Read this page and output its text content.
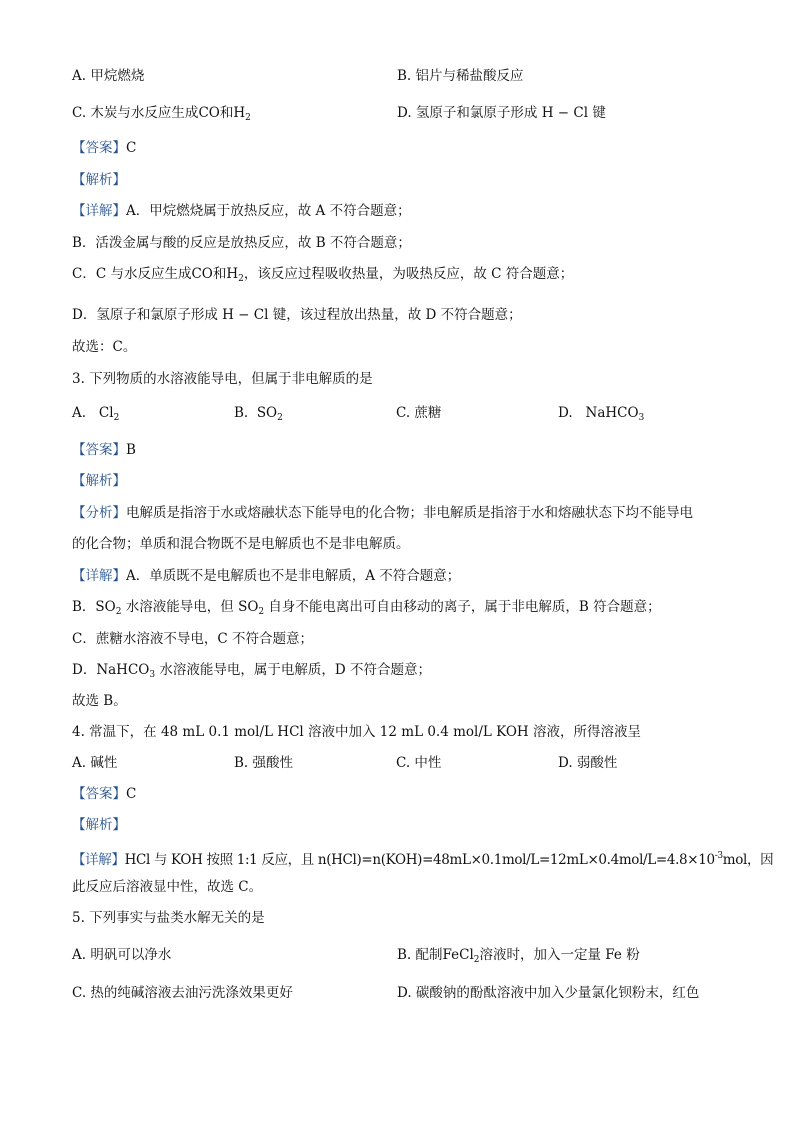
A. 甲烷燃烧	B. 铝片与稀盐酸反应
C. 木炭与水反应生成CO和$H_2$	D. 氢原子和氯原子形成 H − Cl 键
【答案】C
【解析】
【详解】A．甲烷燃烧属于放热反应，故 A 不符合题意；
B．活泼金属与酸的反应是放热反应，故 B 不符合题意；
C．C 与水反应生成CO和$H_2$，该反应过程吸收热量，为吸热反应，故 C 符合题意；
D．氢原子和氯原子形成 H − Cl 键，该过程放出热量，故 D 不符合题意；
故选：C。
3. 下列物质的水溶液能导电，但属于非电解质的是
A. $Cl_2$	B. $SO_2$	C. 蔗糖	D. NaHCO$_3$
【答案】B
【解析】
【分析】电解质是指溶于水或熔融状态下能导电的化合物；非电解质是指溶于水和熔融状态下均不能导电
的化合物；单质和混合物既不是电解质也不是非电解质。
【详解】A．单质既不是电解质也不是非电解质，A 不符合题意；
B．$SO_2$ 水溶液能导电，但 $SO_2$ 自身不能电离出可自由移动的离子，属于非电解质，B 符合题意；
C．蔗糖水溶液不导电，C 不符合题意；
D．NaHCO$_3$ 水溶液能导电，属于电解质，D 不符合题意；
故选 B。
4. 常温下，在 48 mL 0.1 mol/L HCl 溶液中加入 12 mL 0.4 mol/L KOH 溶液，所得溶液呈
A. 碱性	B. 强酸性	C. 中性	D. 弱酸性
【答案】C
【解析】
【详解】HCl 与 KOH 按照 1:1 反应，且 $n(HCl)=n(KOH)=48mL\times 0.1mol/L=12mL\times 0.4mol/L=4.8\times 10^{-3}mol$，因
此反应后溶液显中性，故选 C。
5. 下列事实与盐类水解无关的是
A. 明矾可以净水	B. 配制FeCl$_2$溶液时，加入一定量 Fe 粉
C. 热的纯碱溶液去油污洗涤效果更好	D. 碳酸钠的酚酞溶液中加入少量氯化钡粉末，红色
